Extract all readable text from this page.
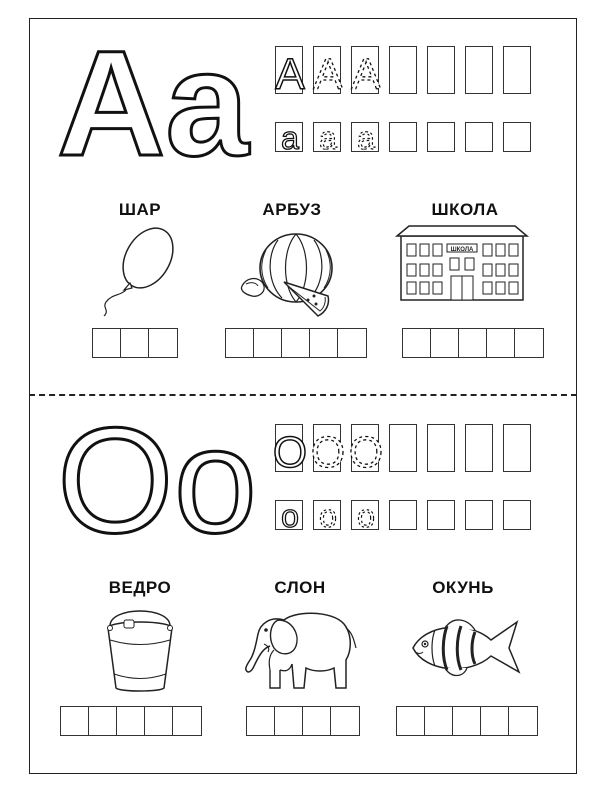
Aa A A A
a a a
ШАР	АРБУЗ	ШКОЛА
ШКОЛА
Oo O O O
o o o
ВЕДРО	СЛОН	ОКУНЬ
